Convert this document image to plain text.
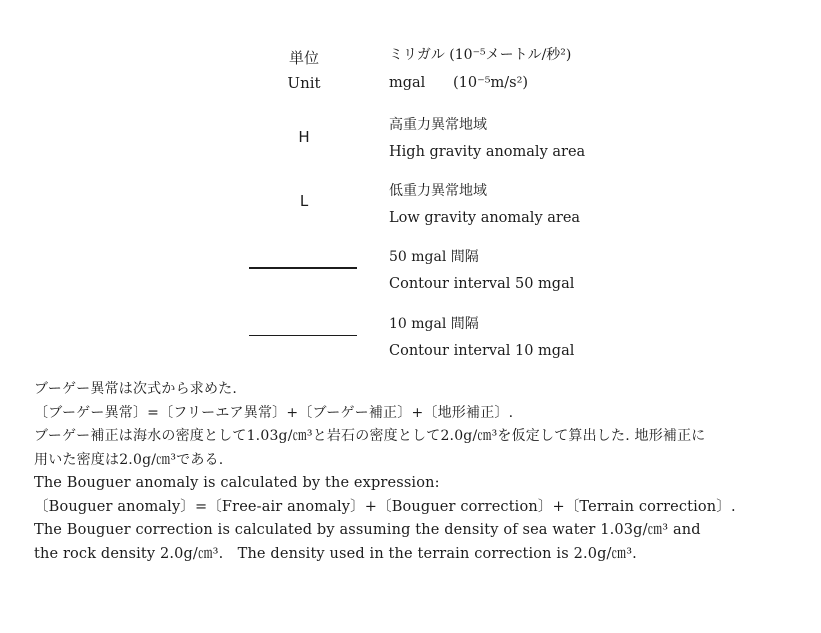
単位
Unit
ミリガル (10⁻⁵メートル/秒²)
mgal      (10⁻⁵m/s²)
H
高重力異常地域
High gravity anomaly area
L
低重力異常地域
Low gravity anomaly area
50 mgal 間隔
Contour interval 50 mgal
10 mgal 間隔
Contour interval 10 mgal

ブーゲー異常は次式から求めた.

〔ブーゲー異常〕=〔フリーエア異常〕+〔ブーゲー補正〕+〔地形補正〕.

ブーゲー補正は海水の密度として1.03g/㎝³と岩石の密度として2.0g/㎝³を仮定して算出した. 地形補正に

用いた密度は2.0g/㎝³である.

The Bouguer anomaly is calculated by the expression:

〔Bouguer anomaly〕=〔Free-air anomaly〕+〔Bouguer correction〕+〔Terrain correction〕.

The Bouguer correction is calculated by assuming the density of sea water 1.03g/㎝³ and

the rock density 2.0g/㎝³.   The density used in the terrain correction is 2.0g/㎝³.
